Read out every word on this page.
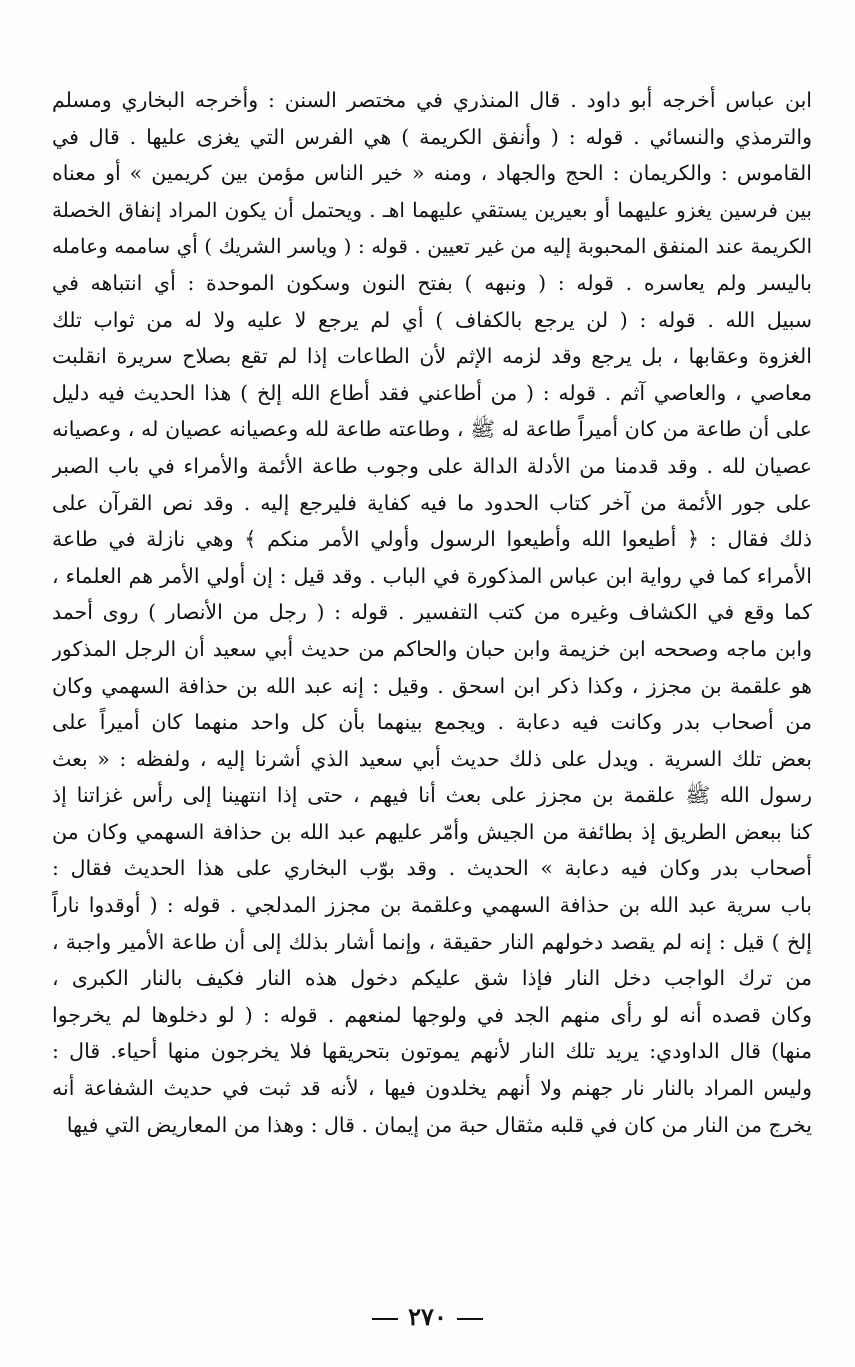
ابن عباس أخرجه أبو داود . قال المنذري في مختصر السنن : وأخرجه البخاري ومسلم
والترمذي والنسائي . قوله : ( وأنفق الكريمة ) هي الفرس التي يغزى عليها . قال في
القاموس : والكريمان : الحج والجهاد ، ومنه « خير الناس مؤمن بين كريمين » أو معناه
بين فرسين يغزو عليهما أو بعيرين يستقي عليهما اهـ . ويحتمل أن يكون المراد إنفاق الخصلة
الكريمة عند المنفق المحبوبة إليه من غير تعيين . قوله : ( وياسر الشريك ) أي ساممه وعامله
باليسر ولم يعاسره . قوله : ( ونبهه ) بفتح النون وسكون الموحدة : أي انتباهه في
سبيل الله . قوله : ( لن يرجع بالكفاف ) أي لم يرجع لا عليه ولا له من ثواب تلك
الغزوة وعقابها ، بل يرجع وقد لزمه الإثم لأن الطاعات إذا لم تقع بصلاح سريرة انقلبت
معاصي ، والعاصي آثم . قوله : ( من أطاعني فقد أطاع الله إلخ ) هذا الحديث فيه دليل
على أن طاعة من كان أميراً طاعة له ﷺ ، وطاعته طاعة لله وعصيانه عصيان له ، وعصيانه
عصيان لله . وقد قدمنا من الأدلة الدالة على وجوب طاعة الأئمة والأمراء في باب الصبر
على جور الأئمة من آخر كتاب الحدود ما فيه كفاية فليرجع إليه . وقد نص القرآن على
ذلك فقال : ﴿ أطيعوا الله وأطيعوا الرسول وأولي الأمر منكم ﴾ وهي نازلة في طاعة
الأمراء كما في رواية ابن عباس المذكورة في الباب . وقد قيل : إن أولي الأمر هم العلماء ،
كما وقع في الكشاف وغيره من كتب التفسير . قوله : ( رجل من الأنصار ) روى أحمد
وابن ماجه وصححه ابن خزيمة وابن حبان والحاكم من حديث أبي سعيد أن الرجل المذكور
هو علقمة بن مجزز ، وكذا ذكر ابن اسحق . وقيل : إنه عبد الله بن حذافة السهمي وكان
من أصحاب بدر وكانت فيه دعابة . ويجمع بينهما بأن كل واحد منهما كان أميراً على
بعض تلك السرية . ويدل على ذلك حديث أبي سعيد الذي أشرنا إليه ، ولفظه : « بعث
رسول الله ﷺ علقمة بن مجزز على بعث أنا فيهم ، حتى إذا انتهينا إلى رأس غزاتنا إذ
كنا ببعض الطريق إذ بطائفة من الجيش وأمّر عليهم عبد الله بن حذافة السهمي وكان من
أصحاب بدر وكان فيه دعابة » الحديث . وقد بوّب البخاري على هذا الحديث فقال :
باب سرية عبد الله بن حذافة السهمي وعلقمة بن مجزز المدلجي . قوله : ( أوقدوا ناراً
إلخ ) قيل : إنه لم يقصد دخولهم النار حقيقة ، وإنما أشار بذلك إلى أن طاعة الأمير واجبة ،
من ترك الواجب دخل النار فإذا شق عليكم دخول هذه النار فكيف بالنار الكبرى ،
وكان قصده أنه لو رأى منهم الجد في ولوجها لمنعهم . قوله : ( لو دخلوها لم يخرجوا
منها) قال الداودي: يريد تلك النار لأنهم يموتون بتحريقها فلا يخرجون منها أحياء. قال :
وليس المراد بالنار نار جهنم ولا أنهم يخلدون فيها ، لأنه قد ثبت في حديث الشفاعة أنه
يخرج من النار من كان في قلبه مثقال حبة من إيمان . قال : وهذا من المعاريض التي فيها
٢٧٠
